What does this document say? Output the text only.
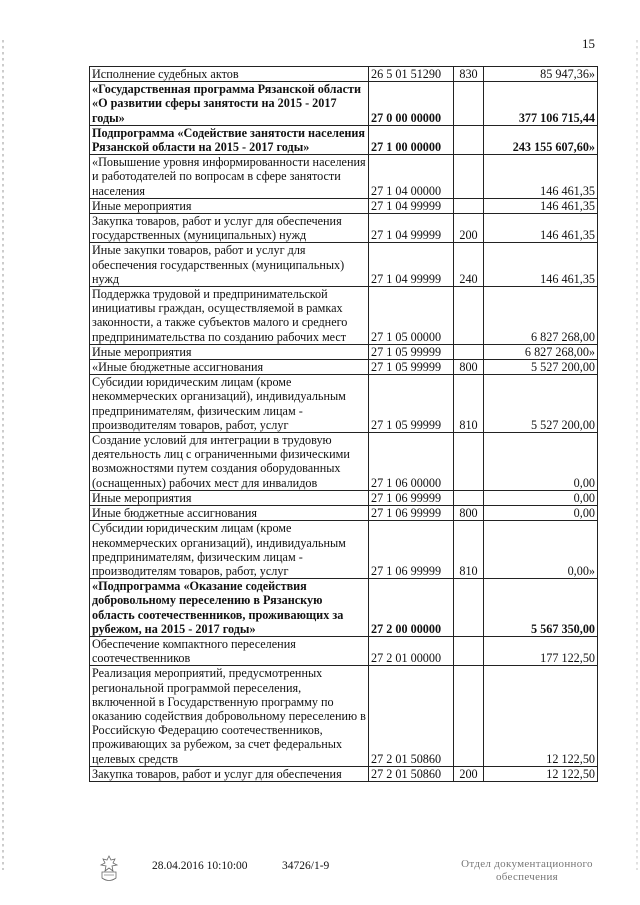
15
Исполнение судебных актов	26 5 01 51290	830	85 947,36»
«Государственная программа Рязанской области «О развитии сферы занятости на 2015 - 2017 годы»	27 0 00 00000		377 106 715,44
Подпрограмма «Содействие занятости населения Рязанской области на 2015 - 2017 годы»	27 1 00 00000		243 155 607,60»
«Повышение уровня информированности населения и работодателей по вопросам в сфере занятости населения	27 1 04 00000		146 461,35
Иные мероприятия	27 1 04 99999		146 461,35
Закупка товаров, работ и услуг для обеспечения государственных (муниципальных) нужд	27 1 04 99999	200	146 461,35
Иные закупки товаров, работ и услуг для обеспечения государственных (муниципальных) нужд	27 1 04 99999	240	146 461,35
Поддержка трудовой и предпринимательской инициативы граждан, осуществляемой в рамках законности, а также субъектов малого и среднего предпринимательства по созданию рабочих мест	27 1 05 00000		6 827 268,00
Иные мероприятия	27 1 05 99999		6 827 268,00»
«Иные бюджетные ассигнования	27 1 05 99999	800	5 527 200,00
Субсидии юридическим лицам (кроме некоммерческих организаций), индивидуальным предпринимателям, физическим лицам - производителям товаров, работ, услуг	27 1 05 99999	810	5 527 200,00
Создание условий для интеграции в трудовую деятельность лиц с ограниченными физическими возможностями путем создания оборудованных (оснащенных) рабочих мест для инвалидов	27 1 06 00000		0,00
Иные мероприятия	27 1 06 99999		0,00
Иные бюджетные ассигнования	27 1 06 99999	800	0,00
Субсидии юридическим лицам (кроме некоммерческих организаций), индивидуальным предпринимателям, физическим лицам - производителям товаров, работ, услуг	27 1 06 99999	810	0,00»
«Подпрограмма «Оказание содействия добровольному переселению в Рязанскую область соотечественников, проживающих за рубежом, на 2015 - 2017 годы»	27 2 00 00000		5 567 350,00
Обеспечение компактного переселения соотечественников	27 2 01 00000		177 122,50
Реализация мероприятий, предусмотренных региональной программой переселения, включенной в Государственную программу по оказанию содействия добровольному переселению в Российскую Федерацию соотечественников, проживающих за рубежом, за счет федеральных целевых средств	27 2 01 50860		12 122,50
Закупка товаров, работ и услуг для обеспечения	27 2 01 50860	200	12 122,50
28.04.2016 10:10:00	34726/1-9	Отдел документационного
обеспечения
